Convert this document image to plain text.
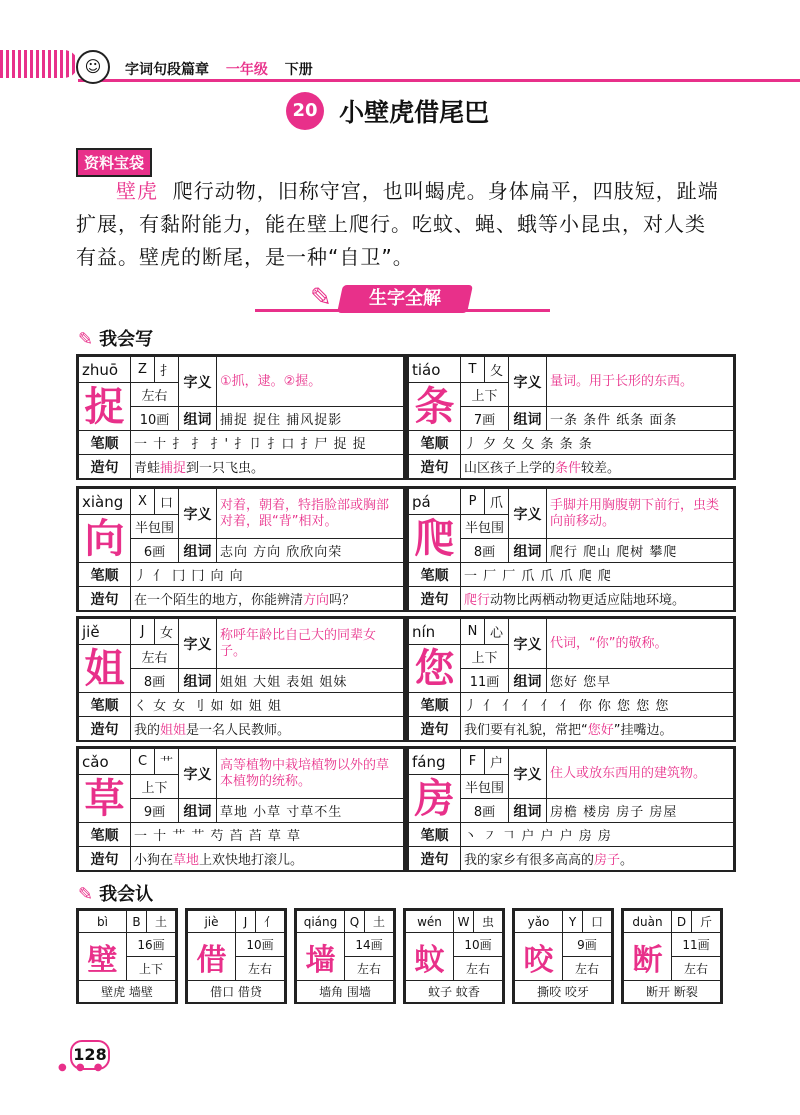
☺	字词句段篇章 一年级 下册
20 小壁虎借尾巴
资料宝袋
壁虎 爬行动物，旧称守宫，也叫蝎虎。身体扁平，四肢短，趾端扩展，有黏附能力，能在壁上爬行。吃蚊、蝇、蛾等小昆虫，对人类有益。壁虎的断尾，是一种“自卫”。
✎	生字全解
✎ 我会写
zhuō	Z	扌	字义	①抓，逮。②握。
捉	左右			
	10画		组词	捕捉 捉住 捕风捉影
笔顺	一 十 扌 扌 扌' 扌卩 扌口 扌尸 捉 捉			
造句	青蛙捕捉到一只飞虫。			
tiáo	T	夂	字义	量词。用于长形的东西。
条	上下			
	7画		组词	一条 条件 纸条 面条
笔顺	丿 夕 夂 夂 条 条 条			
造句	山区孩子上学的条件较差。			
xiàng	X	口	字义	对着，朝着，特指脸部或胸部对着，跟“背”相对。
向	半包围			
	6画		组词	志向 方向 欣欣向荣
笔顺	丿 亻 冂 冂 向 向			
造句	在一个陌生的地方，你能辨清方向吗？			
pá	P	爪	字义	手脚并用胸腹朝下前行，虫类向前移动。
爬	半包围			
	8画		组词	爬行 爬山 爬树 攀爬
笔顺	一 厂 厂 爪 爪 爪 爬 爬			
造句	爬行动物比两栖动物更适应陆地环境。			
jiě	J	女	字义	称呼年龄比自己大的同辈女子。
姐	左右			
	8画		组词	姐姐 大姐 表姐 姐妹
笔顺	く 女 女 刂 如 如 姐 姐			
造句	我的姐姐是一名人民教师。			
nín	N	心	字义	代词，“你”的敬称。
您	上下			
	11画		组词	您好 您早
笔顺	丿 亻 亻 亻 亻 亻 你 你 您 您 您			
造句	我们要有礼貌，常把“您好”挂嘴边。			
cǎo	C	艹	字义	高等植物中栽培植物以外的草本植物的统称。
草	上下			
	9画		组词	草地 小草 寸草不生
笔顺	一 十 艹 艹 芍 苩 苩 草 草			
造句	小狗在草地上欢快地打滚儿。			
fáng	F	户	字义	住人或放东西用的建筑物。
房	半包围			
	8画		组词	房檐 楼房 房子 房屋
笔顺	丶 ㇇ 𠃍 户 户 户 房 房			
造句	我的家乡有很多高高的房子。			
✎ 我会认
bì	B	土
壁	16画	
	上下	
壁虎 墙壁		
jiè	J	亻
借	10画	
	左右	
借口 借贷		
qiáng	Q	土
墙	14画	
	左右	
墙角 围墙		
wén	W	虫
蚊	10画	
	左右	
蚊子 蚊香		
yǎo	Y	口
咬	9画	
	左右	
撕咬 咬牙		
duàn	D	斤
断	11画	
	左右	
断开 断裂		
128
● ● ●
